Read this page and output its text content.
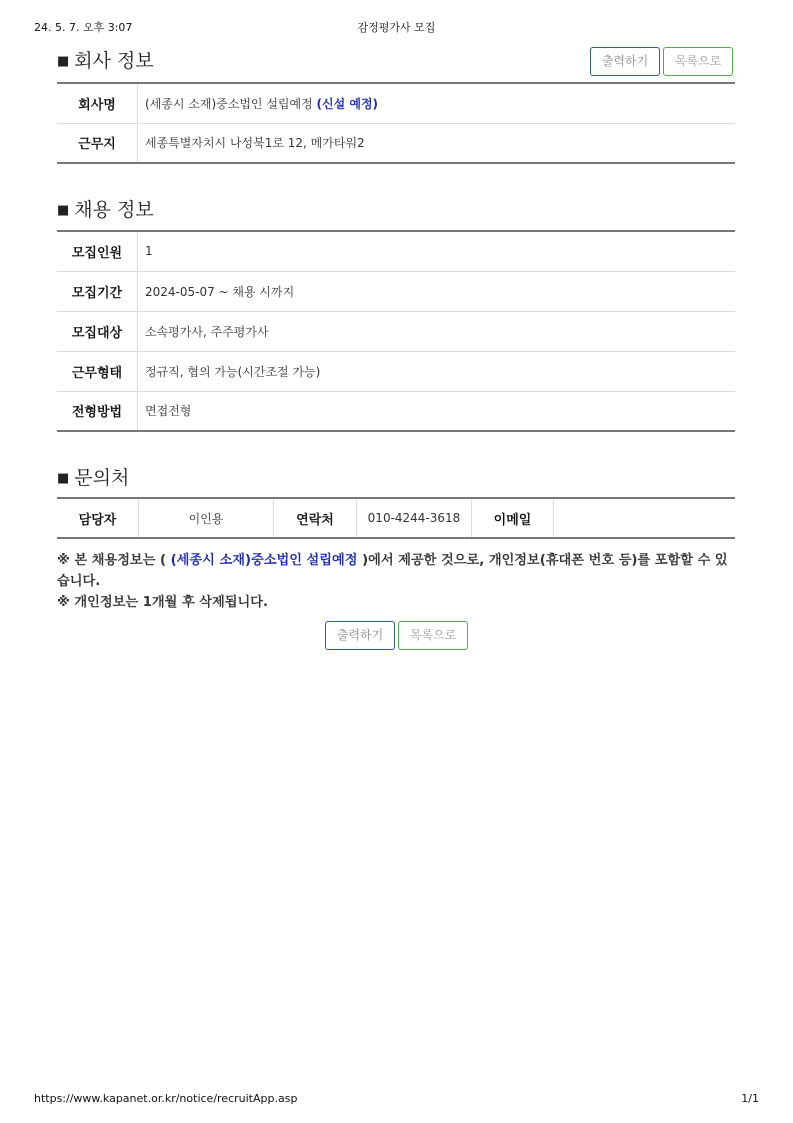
24. 5. 7. 오후 3:07	감정평가사 모집
■ 회사 정보	출력하기	목록으로
회사명	(세종시 소재)중소법인 설립예정 (신설 예정)
근무지	세종특별자치시 나성북1로 12, 메가타워2
■ 채용 정보
모집인원	1
모집기간	2024-05-07 ~ 채용 시까지
모집대상	소속평가사, 주주평가사
근무형태	정규직, 협의 가능(시간조절 가능)
전형방법	면접전형
■ 문의처
담당자	이인용	연락처	010-4244-3618	이메일	

※ 본 채용정보는 ( (세종시 소재)중소법인 설립예정 )에서 제공한 것으로, 개인정보(휴대폰 번호 등)를 포함할 수 있습니다.

※ 개인정보는 1개월 후 삭제됩니다.

출력하기	목록으로
https://www.kapanet.or.kr/notice/recruitApp.asp	1/1
